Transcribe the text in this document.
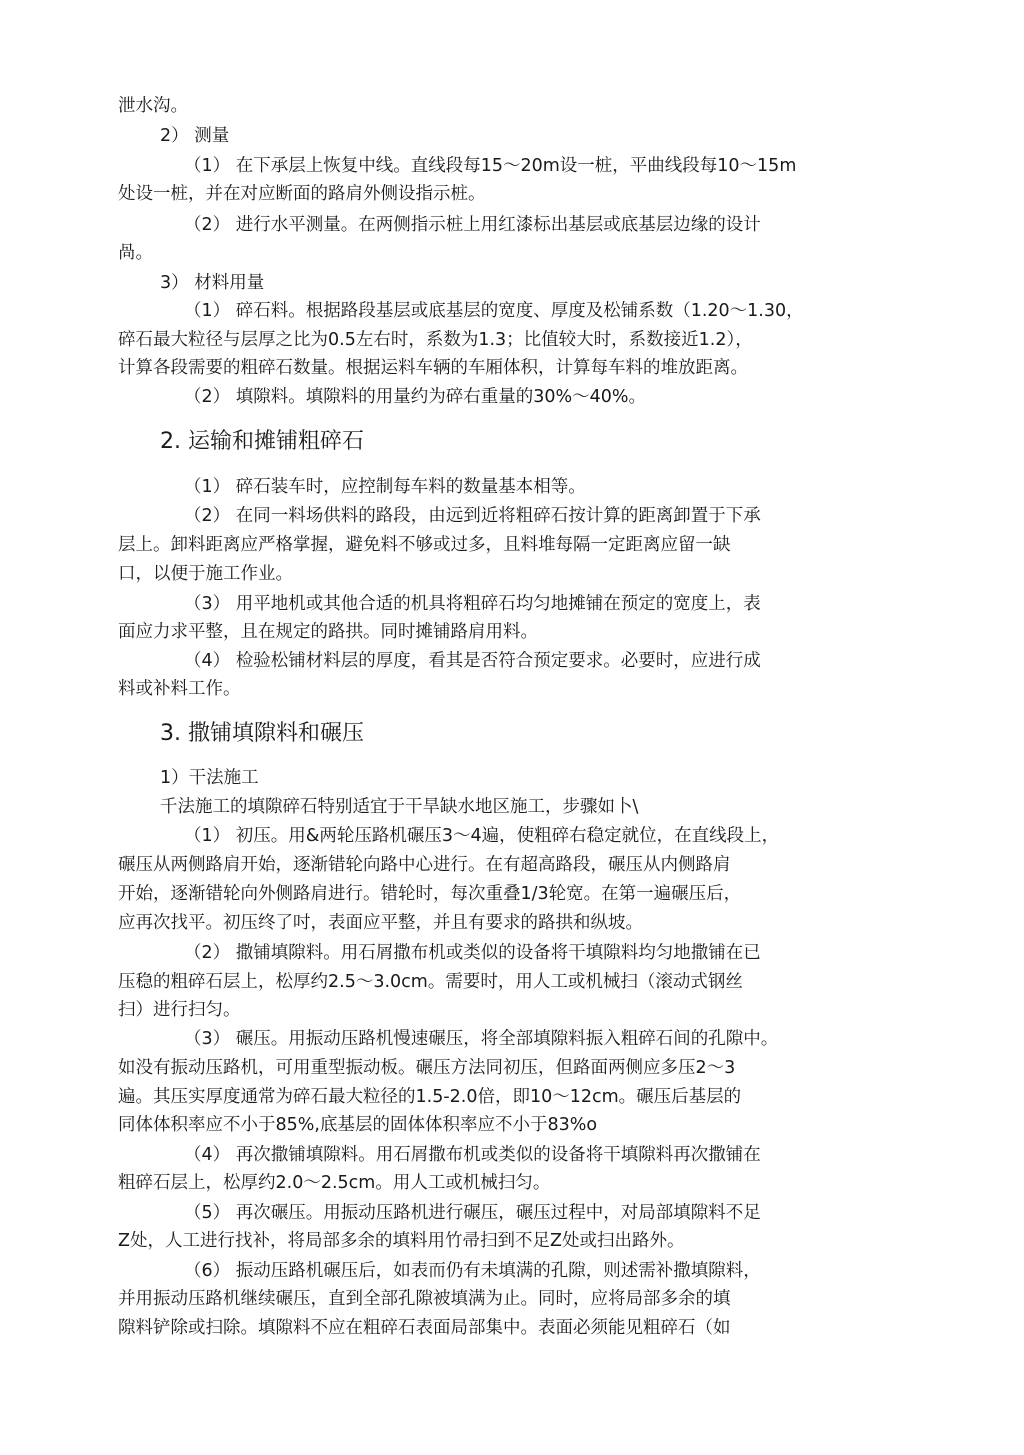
泄水沟。

2） 测量

（1） 在下承层上恢复中线。直线段每15～20m设一桩，平曲线段每10～15m

处设一桩，并在对应断面的路肩外侧设指示桩。

（2） 进行水平测量。在两侧指示桩上用红漆标出基层或底基层边缘的设计

咼。

3） 材料用量

（1） 碎石料。根据路段基层或底基层的宽度、厚度及松铺系数（1.20～1.30，

碎石最大粒径与层厚之比为0.5左右时，系数为1.3；比值较大时，系数接近1.2），

计算各段需要的粗碎石数量。根据运料车辆的车厢体积，计算每车料的堆放距离。

（2） 填隙料。填隙料的用量约为碎右重量的30%～40%。

2. 运输和摊铺粗碎石

（1） 碎石装车时，应控制每车料的数量基本相等。

（2） 在同一料场供料的路段，由远到近将粗碎石按计算的距离卸置于下承

层上。卸料距离应严格掌握，避免料不够或过多，且料堆每隔一定距离应留一缺

口，以便于施工作业。

（3） 用平地机或其他合适的机具将粗碎石均匀地摊铺在预定的宽度上，表

面应力求平整，且在规定的路拱。同时摊铺路肩用料。

（4） 检验松铺材料层的厚度，看其是否符合预定要求。必要时，应进行成

料或补料工作。

3. 撒铺填隙料和碾压

1）干法施工

千法施工的填隙碎石特别适宜于干旱缺水地区施工，步骤如卜\

（1） 初压。用&两轮压路机碾压3～4遍，使粗碎右稳定就位，在直线段上，

碾压从两侧路肩开始，逐渐错轮向路中心进行。在有超高路段，碾压从内侧路肩

开始，逐渐错轮向外侧路肩进行。错轮时，每次重叠1/3轮宽。在第一遍碾压后，

应再次找平。初压终了吋，表面应平整，并且有要求的路拱和纵坡。

（2） 撒铺填隙料。用石屑撒布机或类似的设备将干填隙料均匀地撒铺在已

压稳的粗碎石层上，松厚约2.5～3.0cm。需要时，用人工或机械扫（滚动式钢丝

扫）进行扫匀。

（3） 碾压。用振动压路机慢速碾压，将全部填隙料振入粗碎石间的孔隙中。

如没有振动压路机，可用重型振动板。碾压方法同初压，但路面两侧应多压2～3

遍。其压实厚度通常为碎石最大粒径的1.5-2.0倍，即10～12cm。碾压后基层的

同体体积率应不小于85%,底基层的固体体积率应不小于83%o

（4） 再次撒铺填隙料。用石屑撒布机或类似的设备将干填隙料再次撒铺在

粗碎石层上，松厚约2.0～2.5cm。用人工或机械扫匀。

（5） 再次碾压。用振动压路机进行碾压，碾压过程中，对局部填隙料不足

Z处，人工进行找补，将局部多余的填料用竹帚扫到不足Z处或扫出路外。

（6） 振动压路机碾压后，如表而仍有未填满的孔隙，则述需补撒填隙料，

并用振动压路机继续碾压，直到全部孔隙被填满为止。同时，应将局部多余的填

隙料铲除或扫除。填隙料不应在粗碎石表面局部集中。表面必须能见粗碎石（如
